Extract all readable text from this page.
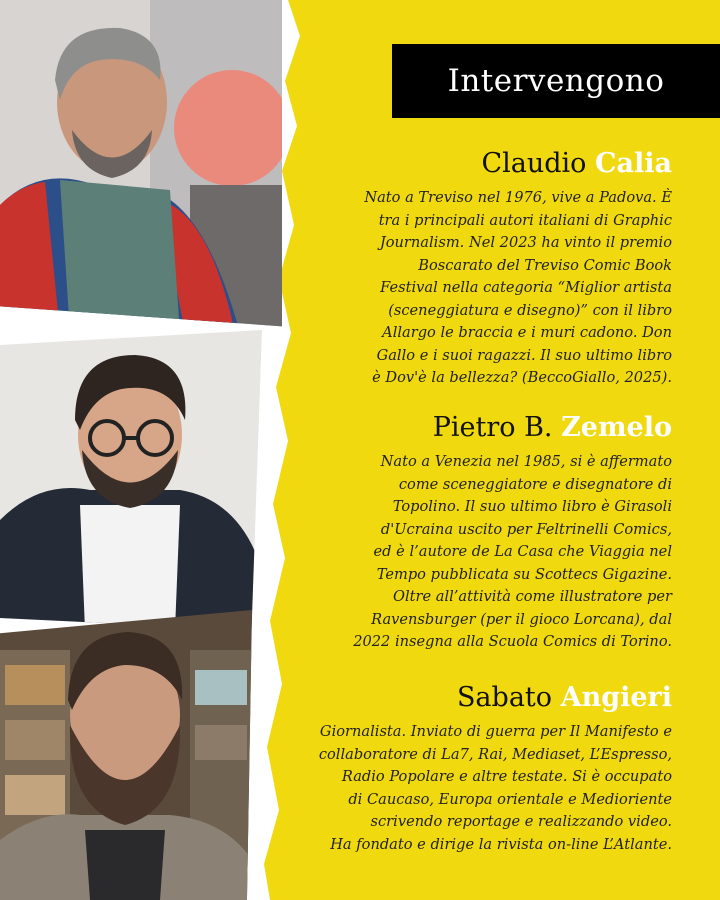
Intervengono
Claudio Calia

Nato a Treviso nel 1976, vive a Padova. È

tra i principali autori italiani di Graphic

Journalism. Nel 2023 ha vinto il premio

Boscarato del Treviso Comic Book

Festival nella categoria “Miglior artista

(sceneggiatura e disegno)” con il libro

Allargo le braccia e i muri cadono. Don

Gallo e i suoi ragazzi. Il suo ultimo libro

è Dov'è la bellezza? (BeccoGiallo, 2025).

Pietro B. Zemelo

Nato a Venezia nel 1985, si è affermato

come sceneggiatore e disegnatore di

Topolino. Il suo ultimo libro è Girasoli

d'Ucraina uscito per Feltrinelli Comics,

ed è l’autore de La Casa che Viaggia nel

Tempo pubblicata su Scottecs Gigazine.

Oltre all’attività come illustratore per

Ravensburger (per il gioco Lorcana), dal

2022 insegna alla Scuola Comics di Torino.

Sabato Angieri

Giornalista. Inviato di guerra per Il Manifesto e

collaboratore di La7, Rai, Mediaset, L’Espresso,

Radio Popolare e altre testate. Si è occupato

di Caucaso, Europa orientale e Medioriente

scrivendo reportage e realizzando video.

Ha fondato e dirige la rivista on-line L’Atlante.
